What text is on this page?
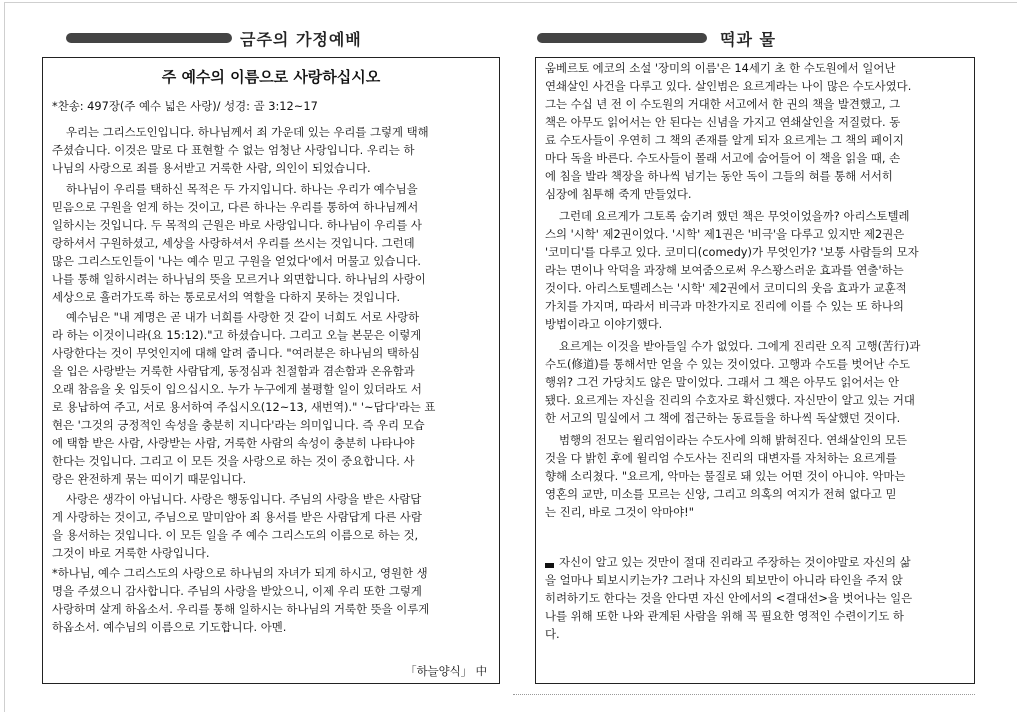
금주의 가정예배	떡과 물
주 예수의 이름으로 사랑하십시오
*찬송: 497장(주 예수 넓은 사랑)/ 성경: 골 3:12~17
우리는 그리스도인입니다. 하나님께서 죄 가운데 있는 우리를 그렇게 택해
주셨습니다. 이것은 말로 다 표현할 수 없는 엄청난 사랑입니다. 우리는 하
나님의 사랑으로 죄를 용서받고 거룩한 사람, 의인이 되었습니다.
하나님이 우리를 택하신 목적은 두 가지입니다. 하나는 우리가 예수님을
믿음으로 구원을 얻게 하는 것이고, 다른 하나는 우리를 통하여 하나님께서
일하시는 것입니다. 두 목적의 근원은 바로 사랑입니다. 하나님이 우리를 사
랑하셔서 구원하셨고, 세상을 사랑하셔서 우리를 쓰시는 것입니다. 그런데
많은 그리스도인들이 '나는 예수 믿고 구원을 얻었다'에서 머물고 있습니다.
나를 통해 일하시려는 하나님의 뜻을 모르거나 외면합니다. 하나님의 사랑이
세상으로 흘러가도록 하는 통로로서의 역할을 다하지 못하는 것입니다.
예수님은 "내 계명은 곧 내가 너희를 사랑한 것 같이 너희도 서로 사랑하
라 하는 이것이니라(요 15:12)."고 하셨습니다. 그리고 오늘 본문은 이렇게
사랑한다는 것이 무엇인지에 대해 알려 줍니다. "여러분은 하나님의 택하심
을 입은 사랑받는 거룩한 사람답게, 동정심과 친절함과 겸손함과 온유함과
오래 참음을 옷 입듯이 입으십시오. 누가 누구에게 불평할 일이 있더라도 서
로 용납하여 주고, 서로 용서하여 주십시오(12~13, 새번역)." '~답다'라는 표
현은 '그것의 긍정적인 속성을 충분히 지니다'라는 의미입니다. 즉 우리 모습
에 택함 받은 사람, 사랑받는 사람, 거룩한 사람의 속성이 충분히 나타나야
한다는 것입니다. 그리고 이 모든 것을 사랑으로 하는 것이 중요합니다. 사
랑은 완전하게 묶는 띠이기 때문입니다.
사랑은 생각이 아닙니다. 사랑은 행동입니다. 주님의 사랑을 받은 사람답
게 사랑하는 것이고, 주님으로 말미암아 죄 용서를 받은 사람답게 다른 사람
을 용서하는 것입니다. 이 모든 일을 주 예수 그리스도의 이름으로 하는 것,
그것이 바로 거룩한 사랑입니다.
*하나님, 예수 그리스도의 사랑으로 하나님의 자녀가 되게 하시고, 영원한 생
명을 주셨으니 감사합니다. 주님의 사랑을 받았으니, 이제 우리 또한 그렇게
사랑하며 살게 하옵소서. 우리를 통해 일하시는 하나님의 거룩한 뜻을 이루게
하옵소서. 예수님의 이름으로 기도합니다. 아멘.
「하늘양식」 中
움베르토 에코의 소설 '장미의 이름'은 14세기 초 한 수도원에서 일어난
연쇄살인 사건을 다루고 있다. 살인범은 요르게라는 나이 많은 수도사였다.
그는 수십 년 전 이 수도원의 거대한 서고에서 한 권의 책을 발견했고, 그
책은 아무도 읽어서는 안 된다는 신념을 가지고 연쇄살인을 저질렀다. 동
료 수도사들이 우연히 그 책의 존재를 알게 되자 요르게는 그 책의 페이지
마다 독을 바른다. 수도사들이 몰래 서고에 숨어들어 이 책을 읽을 때, 손
에 침을 발라 책장을 하나씩 넘기는 동안 독이 그들의 혀를 통해 서서히
심장에 침투해 죽게 만들었다.
그런데 요르게가 그토록 숨기려 했던 책은 무엇이었을까? 아리스토텔레
스의 '시학' 제2권이었다. '시학' 제1권은 '비극'을 다루고 있지만 제2권은
'코미디'를 다루고 있다. 코미디(comedy)가 무엇인가? '보통 사람들의 모자
라는 면이나 악덕을 과장해 보여줌으로써 우스꽝스러운 효과를 연출'하는
것이다. 아리스토텔레스는 '시학' 제2권에서 코미디의 웃음 효과가 교훈적
가치를 가지며, 따라서 비극과 마찬가지로 진리에 이를 수 있는 또 하나의
방법이라고 이야기했다.
요르게는 이것을 받아들일 수가 없었다. 그에게 진리란 오직 고행(苦行)과
수도(修道)를 통해서만 얻을 수 있는 것이었다. 고행과 수도를 벗어난 수도
행위? 그건 가당치도 않은 말이었다. 그래서 그 책은 아무도 읽어서는 안
됐다. 요르게는 자신을 진리의 수호자로 확신했다. 자신만이 알고 있는 거대
한 서고의 밀실에서 그 책에 접근하는 동료들을 하나씩 독살했던 것이다.
범행의 전모는 윌리엄이라는 수도사에 의해 밝혀진다. 연쇄살인의 모든
것을 다 밝힌 후에 윌리엄 수도사는 진리의 대변자를 자처하는 요르게를
향해 소리쳤다. "요르게, 악마는 물질로 돼 있는 어떤 것이 아니야. 악마는
영혼의 교만, 미소를 모르는 신앙, 그리고 의혹의 여지가 전혀 없다고 믿
는 진리, 바로 그것이 악마야!"
자신이 알고 있는 것만이 절대 진리라고 주장하는 것이야말로 자신의 삶
을 얼마나 퇴보시키는가? 그러나 자신의 퇴보만이 아니라 타인을 주저 앉
히려하기도 한다는 것을 안다면 자신 안에서의 <결대선>을 벗어나는 일은
나를 위해 또한 나와 관계된 사람을 위해 꼭 필요한 영적인 수련이기도 하
다.
